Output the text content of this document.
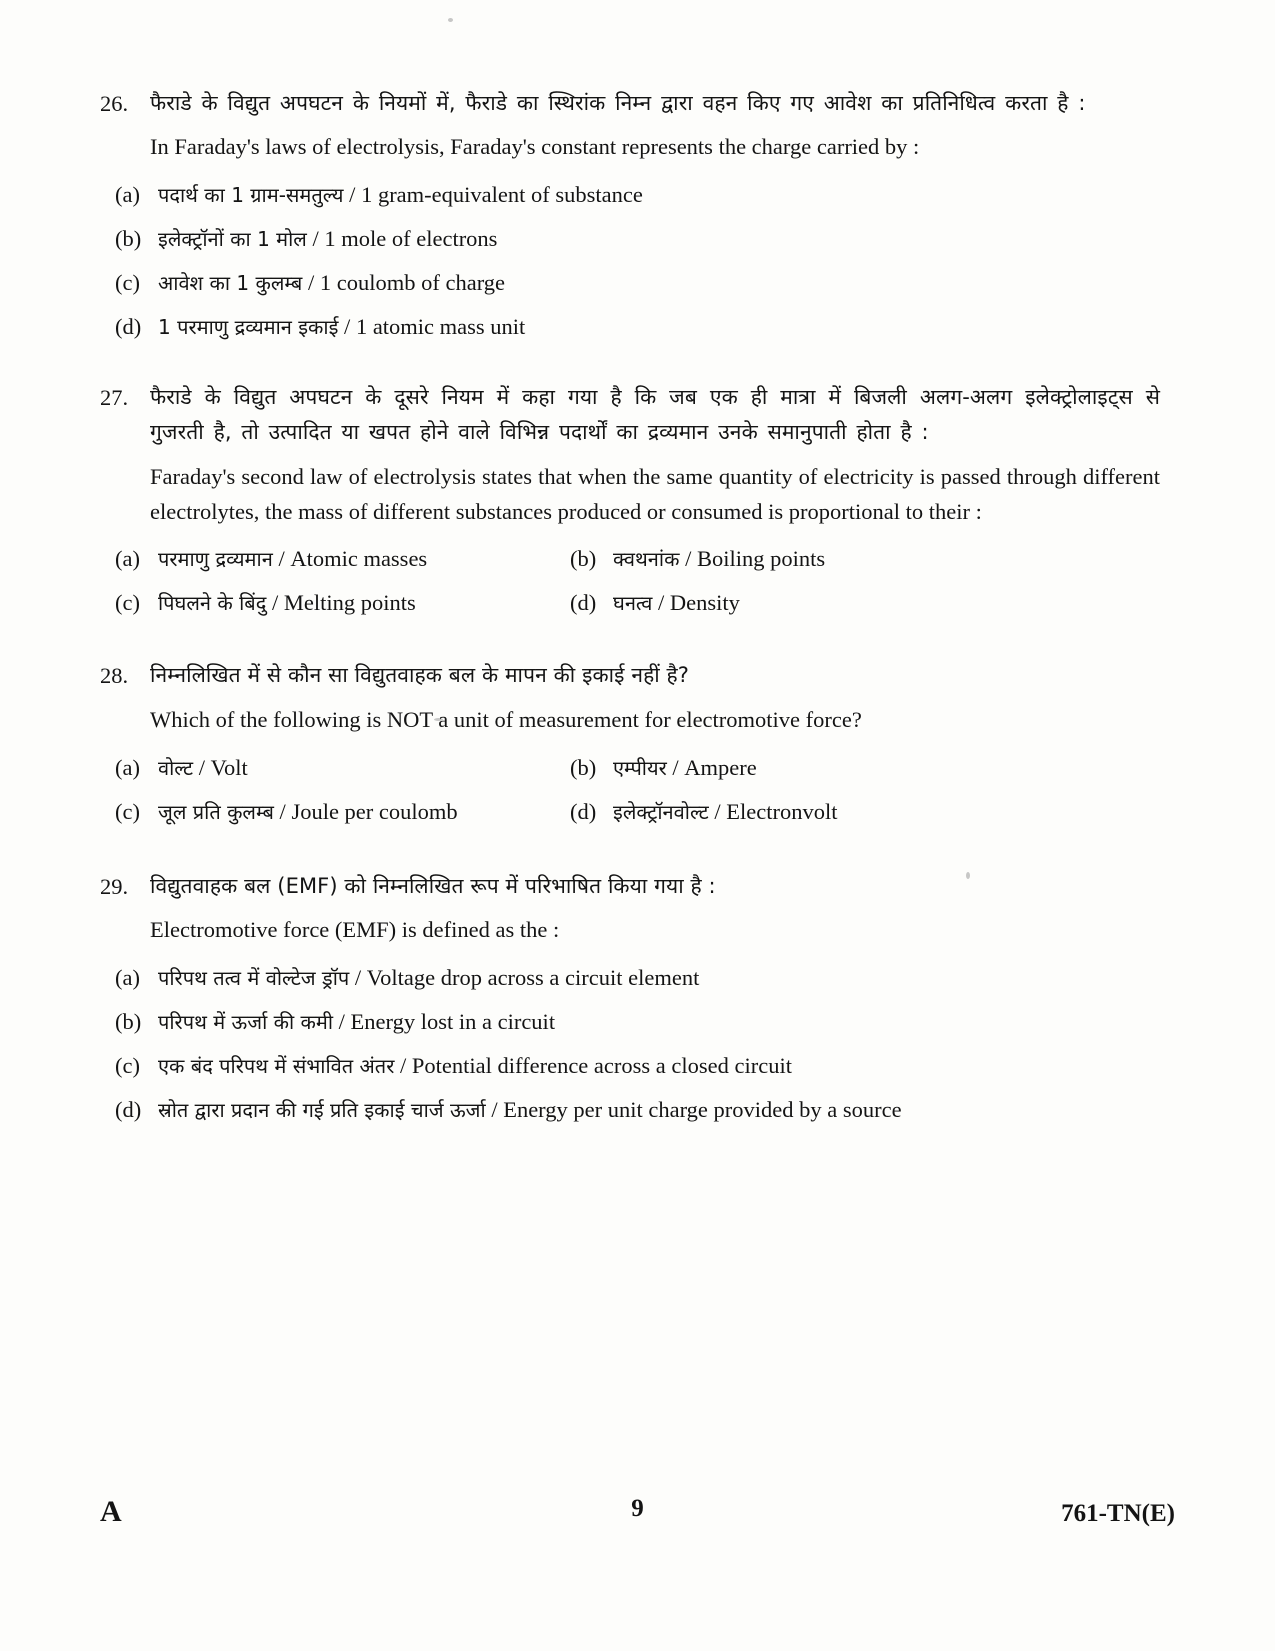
26.	फैराडे के विद्युत अपघटन के नियमों में, फैराडे का स्थिरांक निम्न द्वारा वहन किए गए आवेश का प्रतिनिधित्व करता है :

In Faraday's laws of electrolysis, Faraday's constant represents the charge carried by :

(a) पदार्थ का 1 ग्राम-समतुल्य / 1 gram-equivalent of substance
(b) इलेक्ट्रॉनों का 1 मोल / 1 mole of electrons
(c) आवेश का 1 कुलम्ब / 1 coulomb of charge
(d) 1 परमाणु द्रव्यमान इकाई / 1 atomic mass unit
27.	फैराडे के विद्युत अपघटन के दूसरे नियम में कहा गया है कि जब एक ही मात्रा में बिजली अलग-अलग इलेक्ट्रोलाइट्स से गुजरती है, तो उत्पादित या खपत होने वाले विभिन्न पदार्थों का द्रव्यमान उनके समानुपाती होता है :

Faraday's second law of electrolysis states that when the same quantity of electricity is passed through different electrolytes, the mass of different substances produced or consumed is proportional to their :

(a) परमाणु द्रव्यमान / Atomic masses	(b) क्वथनांक / Boiling points
(c) पिघलने के बिंदु / Melting points	(d) घनत्व / Density
28.	निम्नलिखित में से कौन सा विद्युतवाहक बल के मापन की इकाई नहीं है?

Which of the following is NOT a unit of measurement for electromotive force?

(a) वोल्ट / Volt	(b) एम्पीयर / Ampere
(c) जूल प्रति कुलम्ब / Joule per coulomb	(d) इलेक्ट्रॉनवोल्ट / Electronvolt
29.	विद्युतवाहक बल (EMF) को निम्नलिखित रूप में परिभाषित किया गया है :

Electromotive force (EMF) is defined as the :

(a) परिपथ तत्व में वोल्टेज ड्रॉप / Voltage drop across a circuit element
(b) परिपथ में ऊर्जा की कमी / Energy lost in a circuit
(c) एक बंद परिपथ में संभावित अंतर / Potential difference across a closed circuit
(d) स्रोत द्वारा प्रदान की गई प्रति इकाई चार्ज ऊर्जा / Energy per unit charge provided by a source
A	9	761-TN(E)
